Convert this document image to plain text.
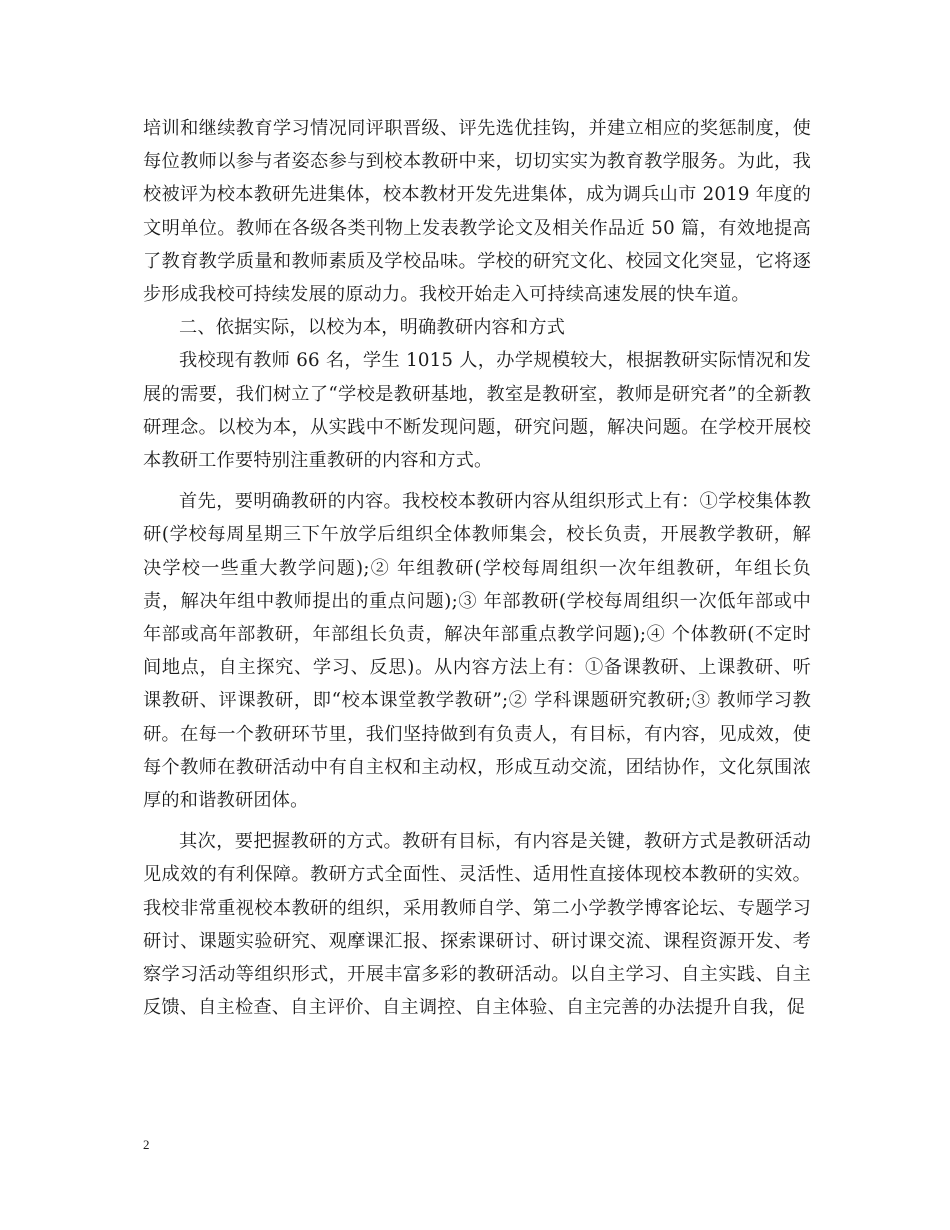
培训和继续教育学习情况同评职晋级、评先选优挂钩，并建立相应的奖惩制度，使每位教师以参与者姿态参与到校本教研中来，切切实实为教育教学服务。为此，我校被评为校本教研先进集体，校本教材开发先进集体，成为调兵山市 2019 年度的文明单位。教师在各级各类刊物上发表教学论文及相关作品近 50 篇，有效地提高了教育教学质量和教师素质及学校品味。学校的研究文化、校园文化突显，它将逐步形成我校可持续发展的原动力。我校开始走入可持续高速发展的快车道。

二、依据实际，以校为本，明确教研内容和方式

我校现有教师 66 名，学生 1015 人，办学规模较大，根据教研实际情况和发展的需要，我们树立了“学校是教研基地，教室是教研室，教师是研究者”的全新教研理念。以校为本，从实践中不断发现问题，研究问题，解决问题。在学校开展校本教研工作要特别注重教研的内容和方式。

首先，要明确教研的内容。我校校本教研内容从组织形式上有：①学校集体教研(学校每周星期三下午放学后组织全体教师集会，校长负责，开展教学教研，解决学校一些重大教学问题);② 年组教研(学校每周组织一次年组教研，年组长负责，解决年组中教师提出的重点问题);③ 年部教研(学校每周组织一次低年部或中年部或高年部教研，年部组长负责，解决年部重点教学问题);④ 个体教研(不定时间地点，自主探究、学习、反思)。从内容方法上有：①备课教研、上课教研、听课教研、评课教研，即“校本课堂教学教研”;② 学科课题研究教研;③ 教师学习教研。在每一个教研环节里，我们坚持做到有负责人，有目标，有内容，见成效，使每个教师在教研活动中有自主权和主动权，形成互动交流，团结协作，文化氛围浓厚的和谐教研团体。

其次，要把握教研的方式。教研有目标，有内容是关键，教研方式是教研活动见成效的有利保障。教研方式全面性、灵活性、适用性直接体现校本教研的实效。我校非常重视校本教研的组织，采用教师自学、第二小学教学博客论坛、专题学习研讨、课题实验研究、观摩课汇报、探索课研讨、研讨课交流、课程资源开发、考察学习活动等组织形式，开展丰富多彩的教研活动。以自主学习、自主实践、自主反馈、自主检查、自主评价、自主调控、自主体验、自主完善的办法提升自我，促

2
